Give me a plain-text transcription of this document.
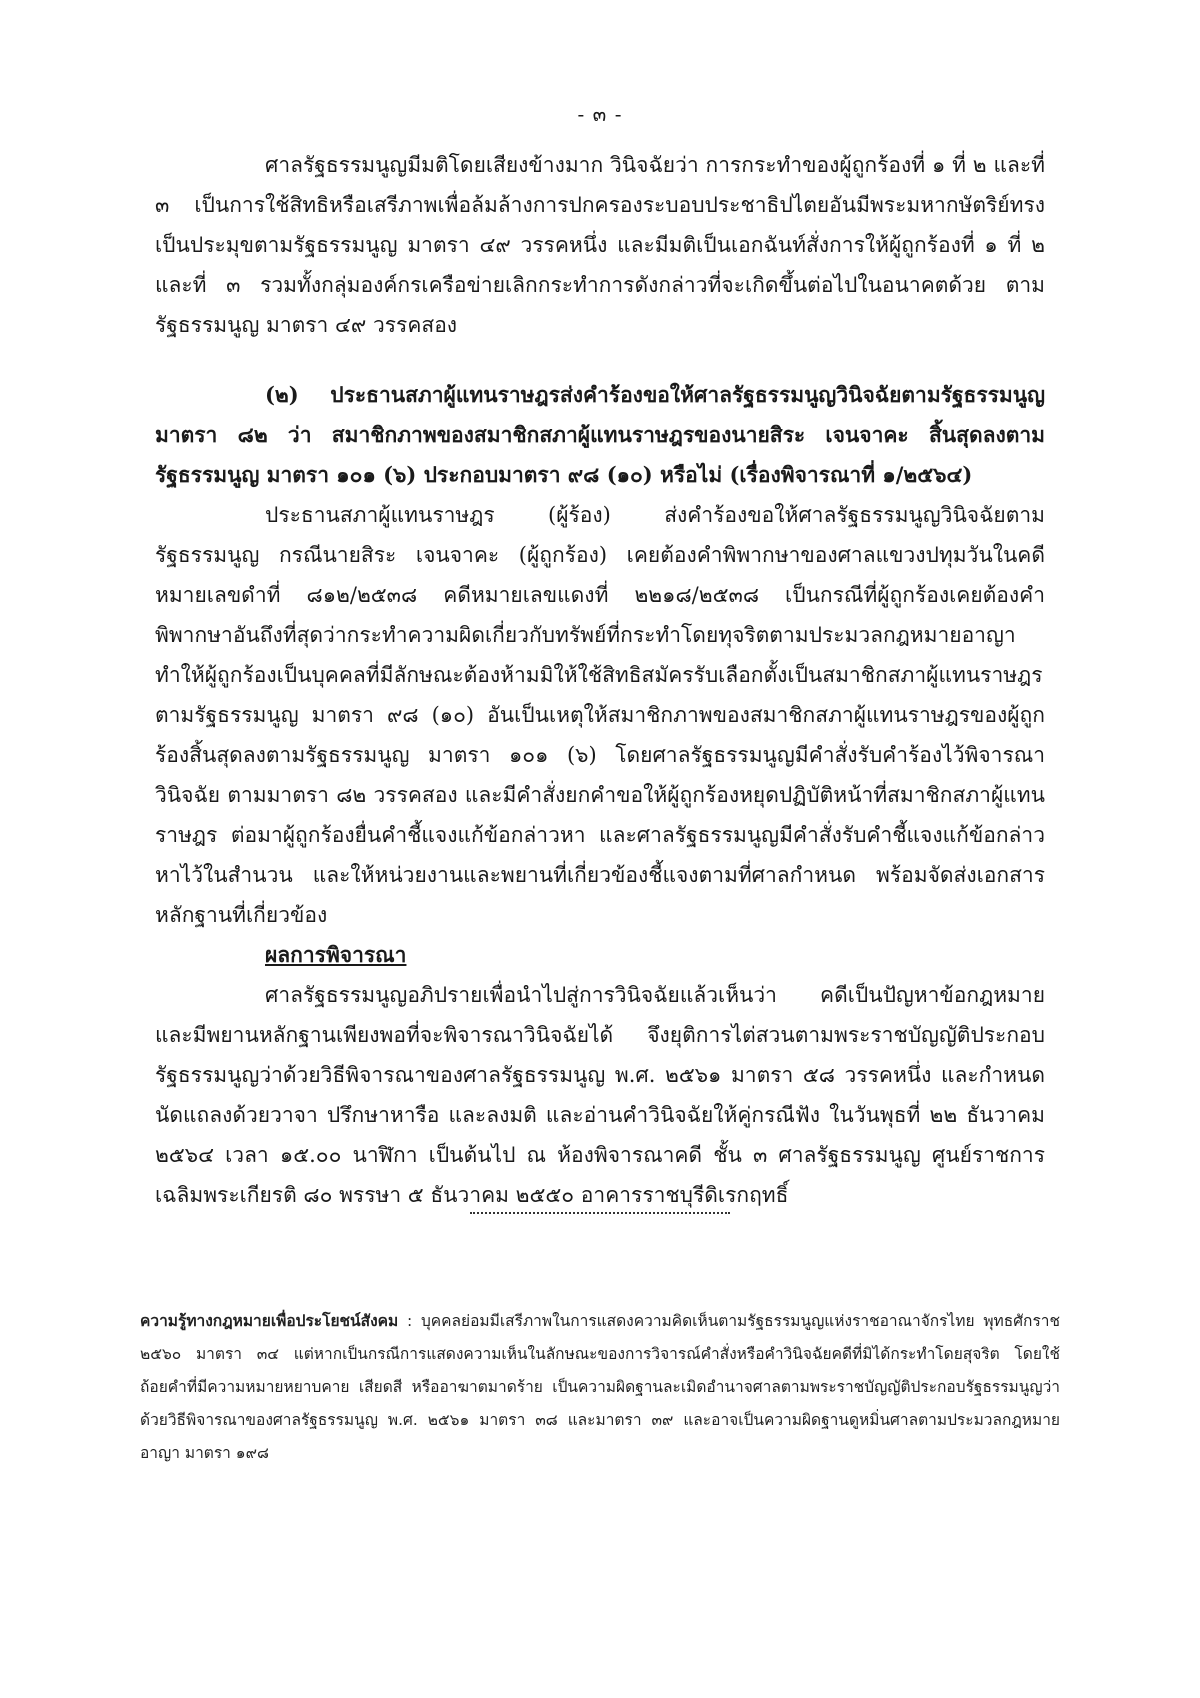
- ๓ -

ศาลรัฐธรรมนูญมีมติโดยเสียงข้างมาก วินิจฉัยว่า การกระทำของผู้ถูกร้องที่ ๑ ที่ ๒ และที่ ๓ เป็นการใช้สิทธิหรือเสรีภาพเพื่อล้มล้างการปกครองระบอบประชาธิปไตยอันมีพระมหากษัตริย์ทรงเป็นประมุขตามรัฐธรรมนูญ มาตรา ๔๙ วรรคหนึ่ง และมีมติเป็นเอกฉันท์สั่งการให้ผู้ถูกร้องที่ ๑ ที่ ๒ และที่ ๓ รวมทั้งกลุ่มองค์กรเครือข่ายเลิกกระทำการดังกล่าวที่จะเกิดขึ้นต่อไปในอนาคตด้วย ตามรัฐธรรมนูญ มาตรา ๔๙ วรรคสอง

(๒) ประธานสภาผู้แทนราษฎรส่งคำร้องขอให้ศาลรัฐธรรมนูญวินิจฉัยตามรัฐธรรมนูญ มาตรา ๘๒ ว่า สมาชิกภาพของสมาชิกสภาผู้แทนราษฎรของนายสิระ เจนจาคะ สิ้นสุดลงตามรัฐธรรมนูญ มาตรา ๑๐๑ (๖) ประกอบมาตรา ๙๘ (๑๐) หรือไม่ (เรื่องพิจารณาที่ ๑/๒๕๖๔)

ประธานสภาผู้แทนราษฎร (ผู้ร้อง) ส่งคำร้องขอให้ศาลรัฐธรรมนูญวินิจฉัยตามรัฐธรรมนูญ กรณีนายสิระ เจนจาคะ (ผู้ถูกร้อง) เคยต้องคำพิพากษาของศาลแขวงปทุมวันในคดีหมายเลขดำที่ ๘๑๒/๒๕๓๘ คดีหมายเลขแดงที่ ๒๒๑๘/๒๕๓๘ เป็นกรณีที่ผู้ถูกร้องเคยต้องคำพิพากษาอันถึงที่สุดว่ากระทำความผิดเกี่ยวกับทรัพย์ที่กระทำโดยทุจริตตามประมวลกฎหมายอาญา ทำให้ผู้ถูกร้องเป็นบุคคลที่มีลักษณะต้องห้ามมิให้ใช้สิทธิสมัครรับเลือกตั้งเป็นสมาชิกสภาผู้แทนราษฎรตามรัฐธรรมนูญ มาตรา ๙๘ (๑๐) อันเป็นเหตุให้สมาชิกภาพของสมาชิกสภาผู้แทนราษฎรของผู้ถูกร้องสิ้นสุดลงตามรัฐธรรมนูญ มาตรา ๑๐๑ (๖) โดยศาลรัฐธรรมนูญมีคำสั่งรับคำร้องไว้พิจารณาวินิจฉัย ตามมาตรา ๘๒ วรรคสอง และมีคำสั่งยกคำขอให้ผู้ถูกร้องหยุดปฏิบัติหน้าที่สมาชิกสภาผู้แทนราษฎร ต่อมาผู้ถูกร้องยื่นคำชี้แจงแก้ข้อกล่าวหา และศาลรัฐธรรมนูญมีคำสั่งรับคำชี้แจงแก้ข้อกล่าวหาไว้ในสำนวน และให้หน่วยงานและพยานที่เกี่ยวข้องชี้แจงตามที่ศาลกำหนด พร้อมจัดส่งเอกสารหลักฐานที่เกี่ยวข้อง

ผลการพิจารณา

ศาลรัฐธรรมนูญอภิปรายเพื่อนำไปสู่การวินิจฉัยแล้วเห็นว่า คดีเป็นปัญหาข้อกฎหมายและมีพยานหลักฐานเพียงพอที่จะพิจารณาวินิจฉัยได้ จึงยุติการไต่สวนตามพระราชบัญญัติประกอบรัฐธรรมนูญว่าด้วยวิธีพิจารณาของศาลรัฐธรรมนูญ พ.ศ. ๒๕๖๑ มาตรา ๕๘ วรรคหนึ่ง และกำหนดนัดแถลงด้วยวาจา ปรึกษาหารือ และลงมติ และอ่านคำวินิจฉัยให้คู่กรณีฟัง ในวันพุธที่ ๒๒ ธันวาคม ๒๕๖๔ เวลา ๑๕.๐๐ นาฬิกา เป็นต้นไป ณ ห้องพิจารณาคดี ชั้น ๓ ศาลรัฐธรรมนูญ ศูนย์ราชการเฉลิมพระเกียรติ ๘๐ พรรษา ๕ ธันวาคม ๒๕๕๐ อาคารราชบุรีดิเรกฤทธิ์

ความรู้ทางกฎหมายเพื่อประโยชน์สังคม : บุคคลย่อมมีเสรีภาพในการแสดงความคิดเห็นตามรัฐธรรมนูญแห่งราชอาณาจักรไทย พุทธศักราช ๒๕๖๐ มาตรา ๓๔ แต่หากเป็นกรณีการแสดงความเห็นในลักษณะของการวิจารณ์คำสั่งหรือคำวินิจฉัยคดีที่มิได้กระทำโดยสุจริต โดยใช้ถ้อยคำที่มีความหมายหยาบคาย เสียดสี หรืออาฆาตมาดร้าย เป็นความผิดฐานละเมิดอำนาจศาลตามพระราชบัญญัติประกอบรัฐธรรมนูญว่าด้วยวิธีพิจารณาของศาลรัฐธรรมนูญ พ.ศ. ๒๕๖๑ มาตรา ๓๘ และมาตรา ๓๙ และอาจเป็นความผิดฐานดูหมิ่นศาลตามประมวลกฎหมายอาญา มาตรา ๑๙๘
